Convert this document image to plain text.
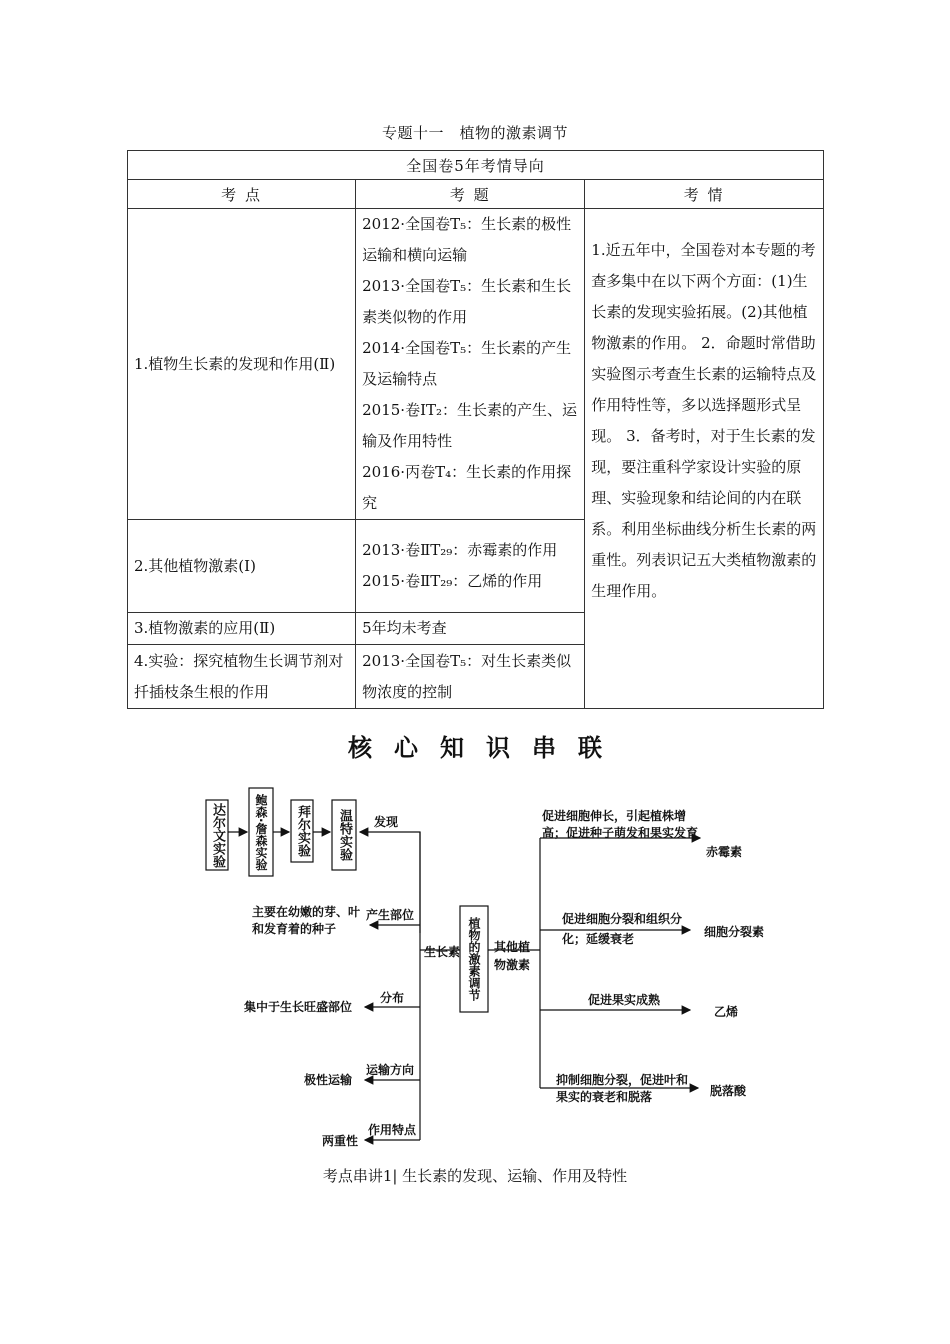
专题十一　植物的激素调节
全国卷5年考情导向		
考 点	考 题	考 情
1.植物生长素的发现和作用(Ⅱ)	2012·全国卷T₅：生长素的极性运输和横向运输
2013·全国卷T₅：生长素和生长素类似物的作用
2014·全国卷T₅：生长素的产生及运输特点
2015·卷ⅠT₂：生长素的产生、运输及作用特性
2016·丙卷T₄：生长素的作用探究	1.近五年中，全国卷对本专题的考查多集中在以下两个方面：(1)生长素的发现实验拓展。(2)其他植物激素的作用。 2．命题时常借助实验图示考查生长素的运输特点及作用特性等，多以选择题形式呈现。 3．备考时，对于生长素的发现，要注重科学家设计实验的原理、实验现象和结论间的内在联系。利用坐标曲线分析生长素的两重性。列表识记五大类植物激素的生理作用。
2.其他植物激素(Ⅰ)	2013·卷ⅡT₂₉：赤霉素的作用
2015·卷ⅡT₂₉：乙烯的作用	

3.植物激素的应用(Ⅱ)	5年均未考查	

4.实验：探究植物生长调节剂对扦插枝条生根的作用	2013·全国卷T₅：对生长素类似物浓度的控制	
核心知识串联
达尔文实验	鲍森·詹森实验	拜尔实验	温特实验
植物的激素调节
发现
生长素	其他植物激素
产生部位
主要在幼嫩的芽、叶和发育着的种子
分布
集中于生长旺盛部位
运输方向
极性运输
作用特点
两重性
促进细胞伸长，引起植株增高；促进种子萌发和果实发育
赤霉素
促进细胞分裂和组织分化；延缓衰老	细胞分裂素
促进果实成熟
乙烯
抑制细胞分裂，促进叶和果实的衰老和脱落	脱落酸
考点串讲1| 生长素的发现、运输、作用及特性
